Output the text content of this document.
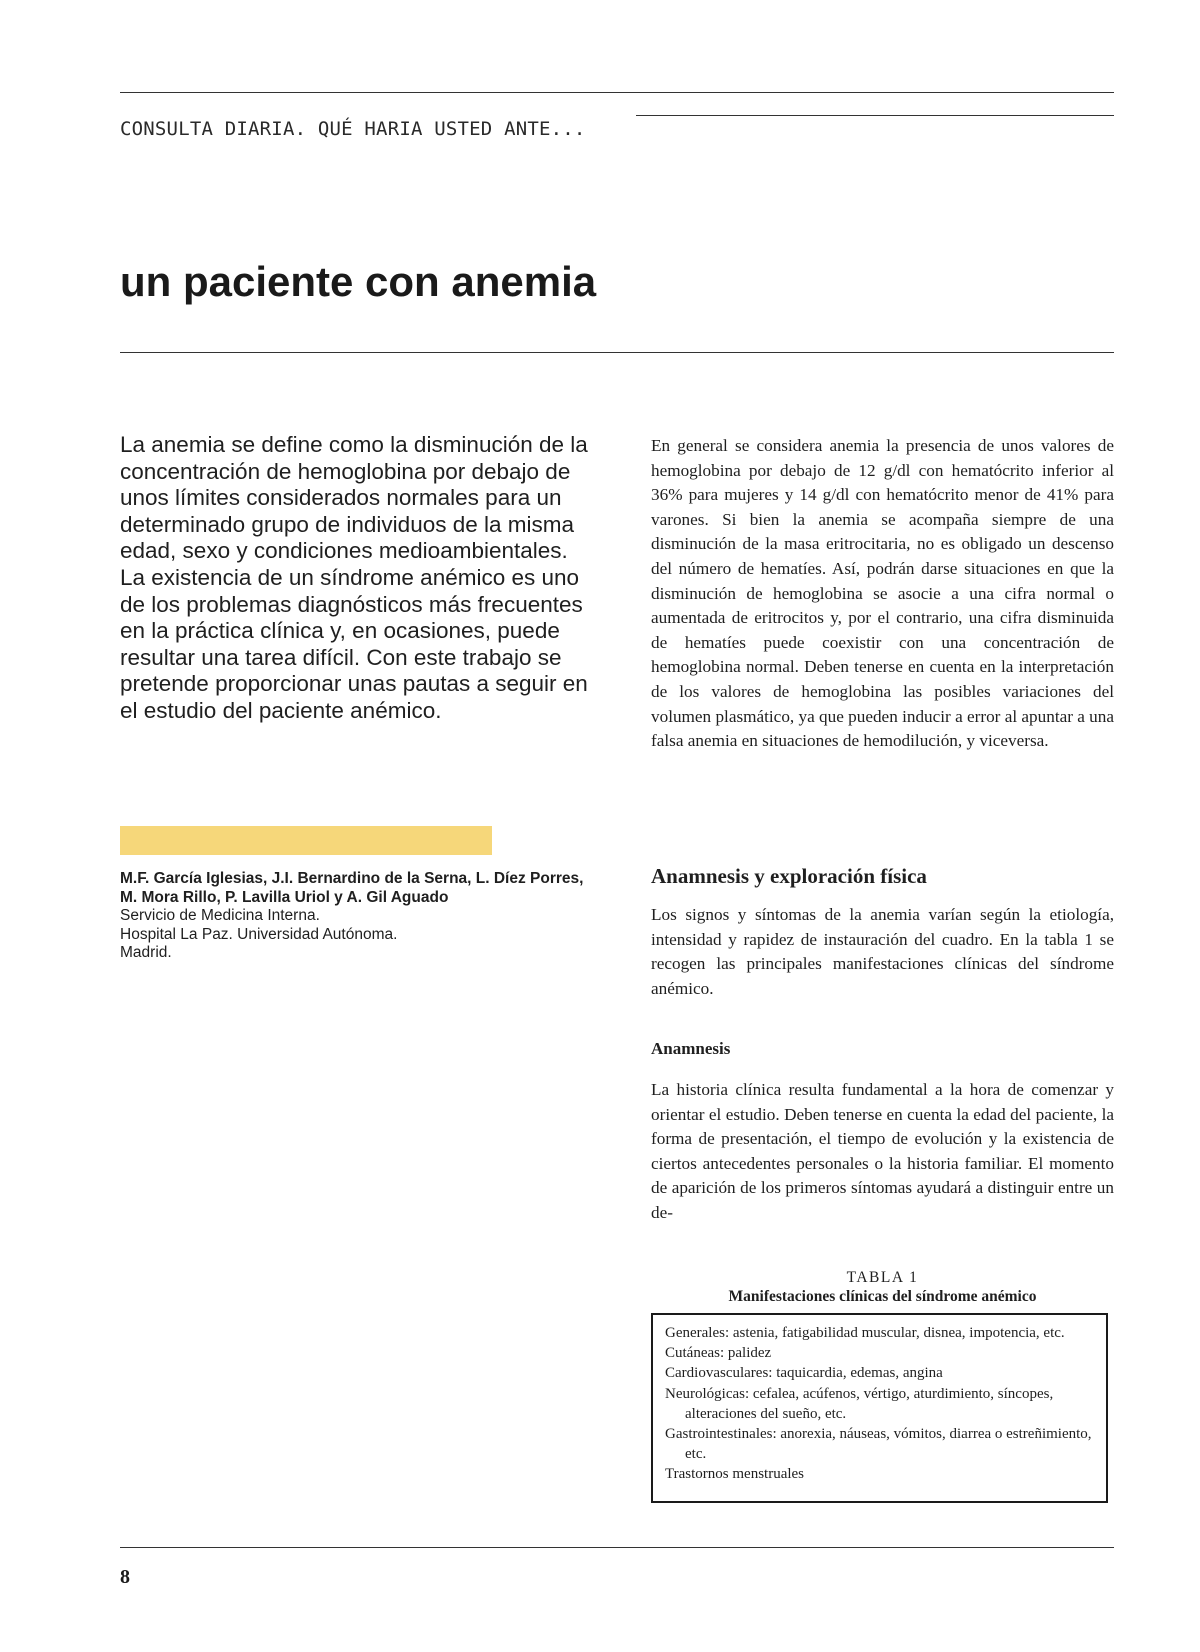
CONSULTA DIARIA. QUÉ HARIA USTED ANTE...
un paciente con anemia

La anemia se define como la disminución de la concentración de hemoglobina por debajo de unos límites considerados normales para un determinado grupo de individuos de la misma edad, sexo y condiciones medioambientales. La existencia de un síndrome anémico es uno de los problemas diagnósticos más frecuentes en la práctica clínica y, en ocasiones, puede resultar una tarea difícil. Con este trabajo se pretende proporcionar unas pautas a seguir en el estudio del paciente anémico.

M.F. García Iglesias, J.I. Bernardino de la Serna, L. Díez Porres, M. Mora Rillo, P. Lavilla Uriol y A. Gil Aguado

Servicio de Medicina Interna.

Hospital La Paz. Universidad Autónoma.

Madrid.

En general se considera anemia la presencia de unos valores de hemoglobina por debajo de 12 g/dl con hematócrito inferior al 36% para mujeres y 14 g/dl con hematócrito menor de 41% para varones. Si bien la anemia se acompaña siempre de una disminución de la masa eritrocitaria, no es obligado un descenso del número de hematíes. Así, podrán darse situaciones en que la disminución de hemoglobina se asocie a una cifra normal o aumentada de eritrocitos y, por el contrario, una cifra disminuida de hematíes puede coexistir con una concentración de hemoglobina normal. Deben tenerse en cuenta en la interpretación de los valores de hemoglobina las posibles variaciones del volumen plasmático, ya que pueden inducir a error al apuntar a una falsa anemia en situaciones de hemodilución, y viceversa.

Anamnesis y exploración física

Los signos y síntomas de la anemia varían según la etiología, intensidad y rapidez de instauración del cuadro. En la tabla 1 se recogen las principales manifestaciones clínicas del síndrome anémico.

Anamnesis

La historia clínica resulta fundamental a la hora de comenzar y orientar el estudio. Deben tenerse en cuenta la edad del paciente, la forma de presentación, el tiempo de evolución y la existencia de ciertos antecedentes personales o la historia familiar. El momento de aparición de los primeros síntomas ayudará a distinguir entre un de-

TABLA 1
Manifestaciones clínicas del síndrome anémico
Generales: astenia, fatigabilidad muscular, disnea, impotencia, etc.
Cutáneas: palidez
Cardiovasculares: taquicardia, edemas, angina
Neurológicas: cefalea, acúfenos, vértigo, aturdimiento, síncopes, alteraciones del sueño, etc.
Gastrointestinales: anorexia, náuseas, vómitos, diarrea o estreñimiento, etc.
Trastornos menstruales
8
